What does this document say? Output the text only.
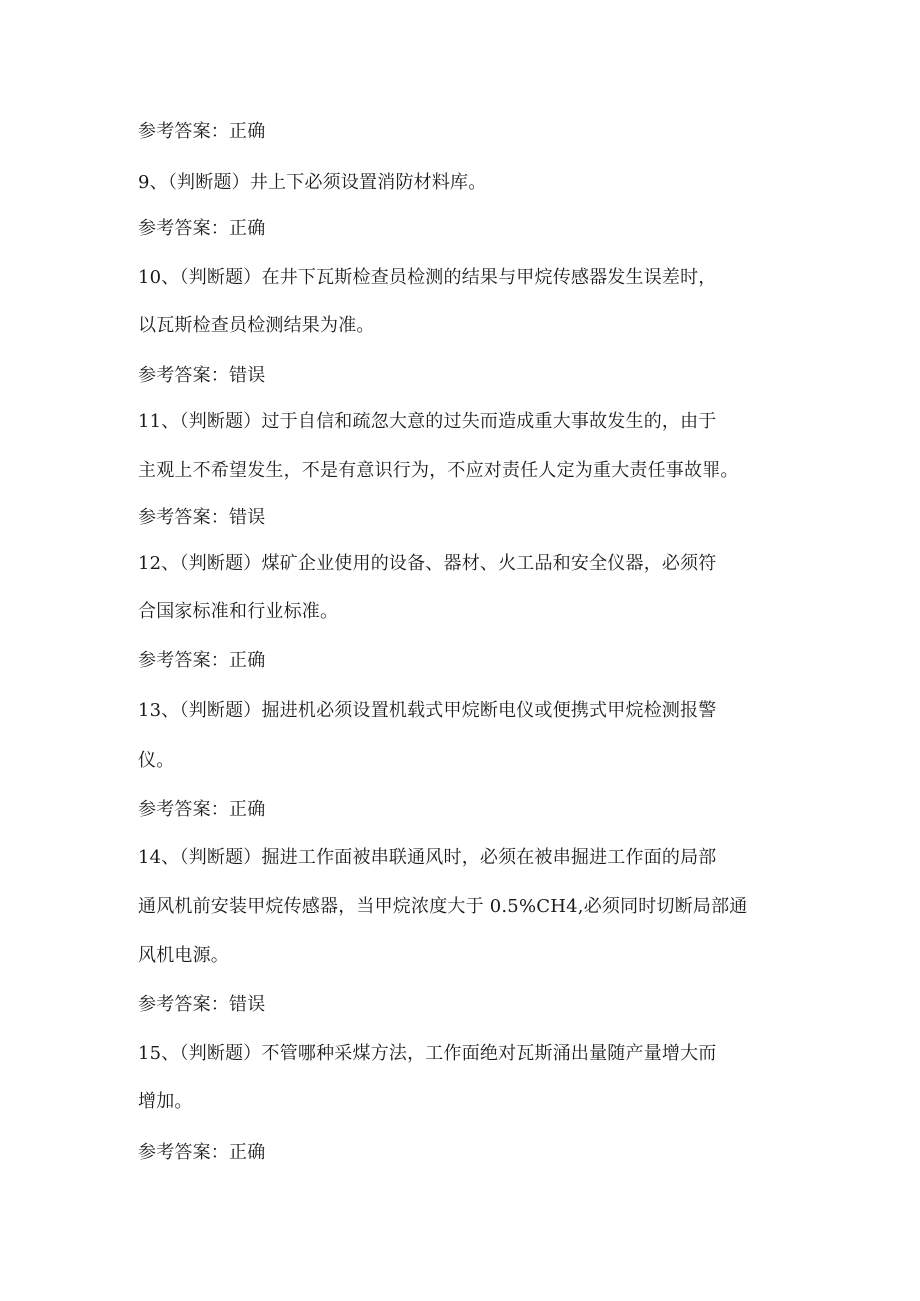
参考答案：正确
9、（判断题）井上下必须设置消防材料库。
参考答案：正确
10、（判断题）在井下瓦斯检查员检测的结果与甲烷传感器发生误差时，
以瓦斯检查员检测结果为准。
参考答案：错误
11、（判断题）过于自信和疏忽大意的过失而造成重大事故发生的，由于
主观上不希望发生，不是有意识行为，不应对责任人定为重大责任事故罪。
参考答案：错误
12、（判断题）煤矿企业使用的设备、器材、火工品和安全仪器，必须符
合国家标准和行业标准。
参考答案：正确
13、（判断题）掘进机必须设置机载式甲烷断电仪或便携式甲烷检测报警
仪。
参考答案：正确
14、（判断题）掘进工作面被串联通风时，必须在被串掘进工作面的局部
通风机前安装甲烷传感器，当甲烷浓度大于 0.5%CH4,必须同时切断局部通
风机电源。
参考答案：错误
15、（判断题）不管哪种采煤方法，工作面绝对瓦斯涌出量随产量增大而
增加。
参考答案：正确
